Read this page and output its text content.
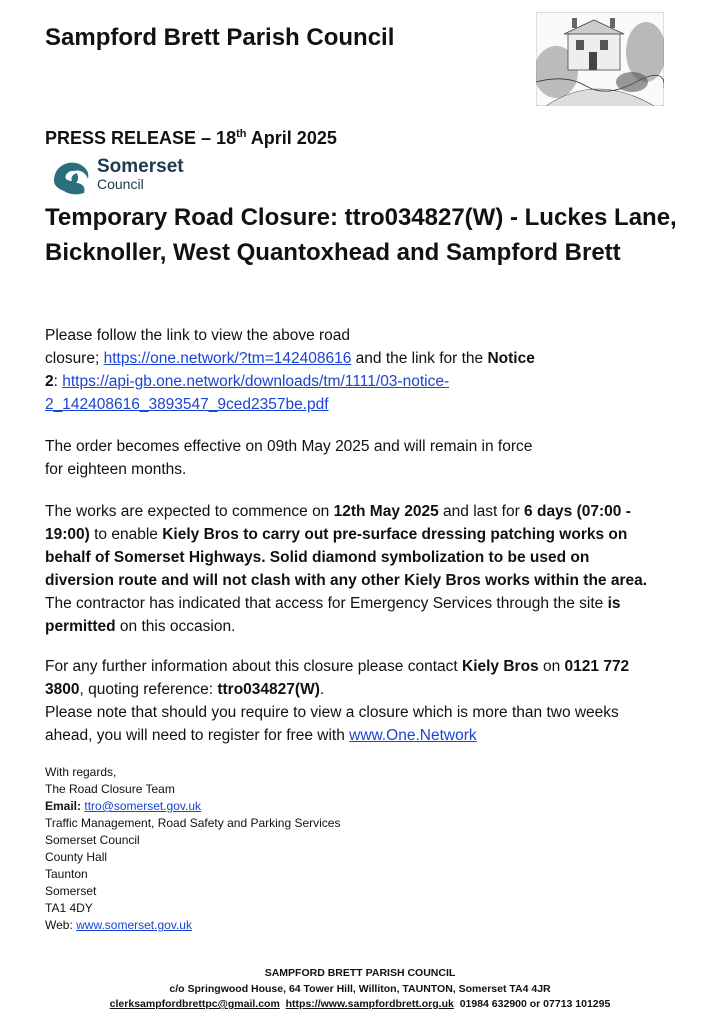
Sampford Brett Parish Council
PRESS RELEASE – 18th April 2025
Somerset
Council
Temporary Road Closure: ttro034827(W) - Luckes Lane, Bicknoller, West Quantoxhead and Sampford Brett
Please follow the link to view the above road
closure; https://one.network/?tm=142408616 and the link for the Notice
2: https://api-gb.one.network/downloads/tm/1111/03-notice-
2_142408616_3893547_9ced2357be.pdf
The order becomes effective on 09th May 2025 and will remain in force
for eighteen months.
The works are expected to commence on 12th May 2025 and last for 6 days (07:00 -
19:00) to enable Kiely Bros to carry out pre-surface dressing patching works on
behalf of Somerset Highways. Solid diamond symbolization to be used on
diversion route and will not clash with any other Kiely Bros works within the area.
The contractor has indicated that access for Emergency Services through the site is
permitted on this occasion.
For any further information about this closure please contact Kiely Bros on 0121 772
3800, quoting reference: ttro034827(W).
Please note that should you require to view a closure which is more than two weeks
ahead, you will need to register for free with www.One.Network
With regards,
The Road Closure Team
Email: ttro@somerset.gov.uk
Traffic Management, Road Safety and Parking Services
Somerset Council
County Hall
Taunton
Somerset
TA1 4DY
Web: www.somerset.gov.uk
SAMPFORD BRETT PARISH COUNCIL
c/o Springwood House, 64 Tower Hill, Williton, TAUNTON, Somerset TA4 4JR
clerksampfordbrettpc@gmail.com https://www.sampfordbrett.org.uk 01984 632900 or 07713 101295
